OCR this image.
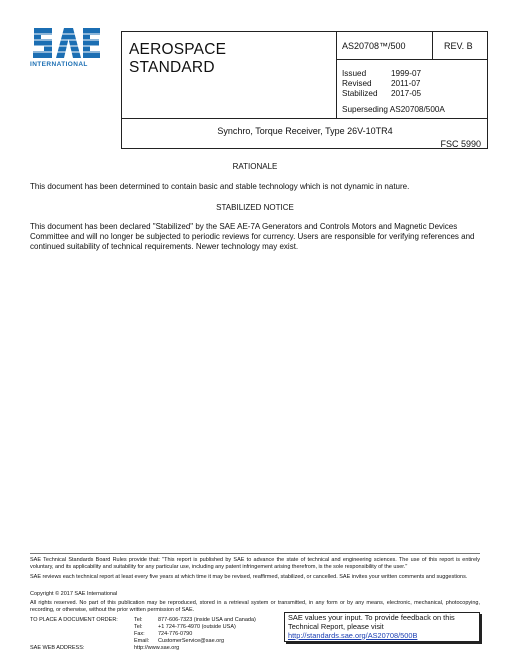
INTERNATIONAL
AEROSPACE
STANDARD
AS20708™/500	REV. B
Issued	1999-07
Revised	2011-07
Stabilized	2017-05
Superseding AS20708/500A
Synchro, Torque Receiver, Type 26V-10TR4
FSC 5990
RATIONALE
This document has been determined to contain basic and stable technology which is not dynamic in nature.
STABILIZED NOTICE
This document has been declared "Stabilized" by the SAE AE-7A Generators and Controls Motors and Magnetic Devices Committee and will no longer be subjected to periodic reviews for currency. Users are responsible for verifying references and continued suitability of technical requirements. Newer technology may exist.
SAE Technical Standards Board Rules provide that: "This report is published by SAE to advance the state of technical and engineering sciences. The use of this report is entirely voluntary, and its applicability and suitability for any particular use, including any patent infringement arising therefrom, is the sole responsibility of the user."
SAE reviews each technical report at least every five years at which time it may be revised, reaffirmed, stabilized, or cancelled. SAE invites your written comments and suggestions.
Copyright © 2017 SAE International
All rights reserved. No part of this publication may be reproduced, stored in a retrieval system or transmitted, in any form or by any means, electronic, mechanical, photocopying, recording, or otherwise, without the prior written permission of SAE.
TO PLACE A DOCUMENT ORDER:	Tel:	877-606-7323 (inside USA and Canada)
Tel:	+1 724-776-4970 (outside USA)
Fax:	724-776-0790
Email:	CustomerService@sae.org
SAE WEB ADDRESS:	http://www.sae.org
SAE values your input. To provide feedback on this Technical Report, please visit
http://standards.sae.org/AS20708/500B
